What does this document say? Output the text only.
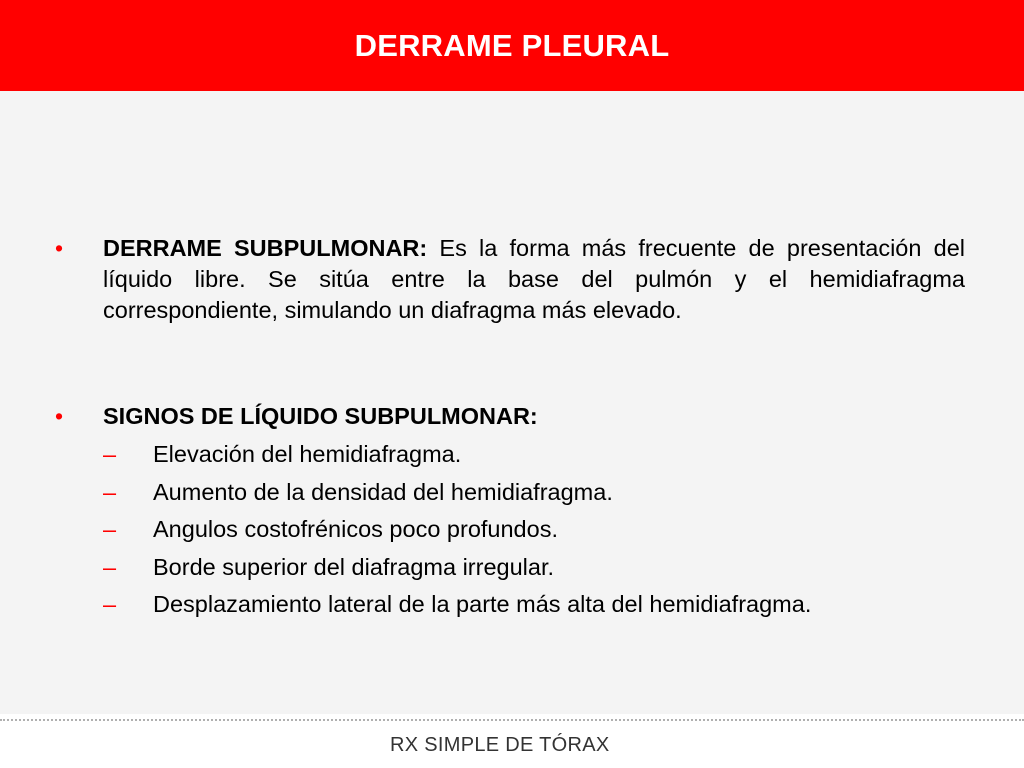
DERRAME PLEURAL
• DERRAME SUBPULMONAR: Es la forma más frecuente de presentación del líquido libre. Se sitúa entre la base del pulmón y el hemidiafragma correspondiente, simulando un diafragma más elevado.

• SIGNOS DE LÍQUIDO SUBPULMONAR:

– Elevación del hemidiafragma.
– Aumento de la densidad del hemidiafragma.
– Angulos costofrénicos poco profundos.
– Borde superior del diafragma irregular.
– Desplazamiento lateral de la parte más alta del hemidiafragma.
RX SIMPLE DE TÓRAX
